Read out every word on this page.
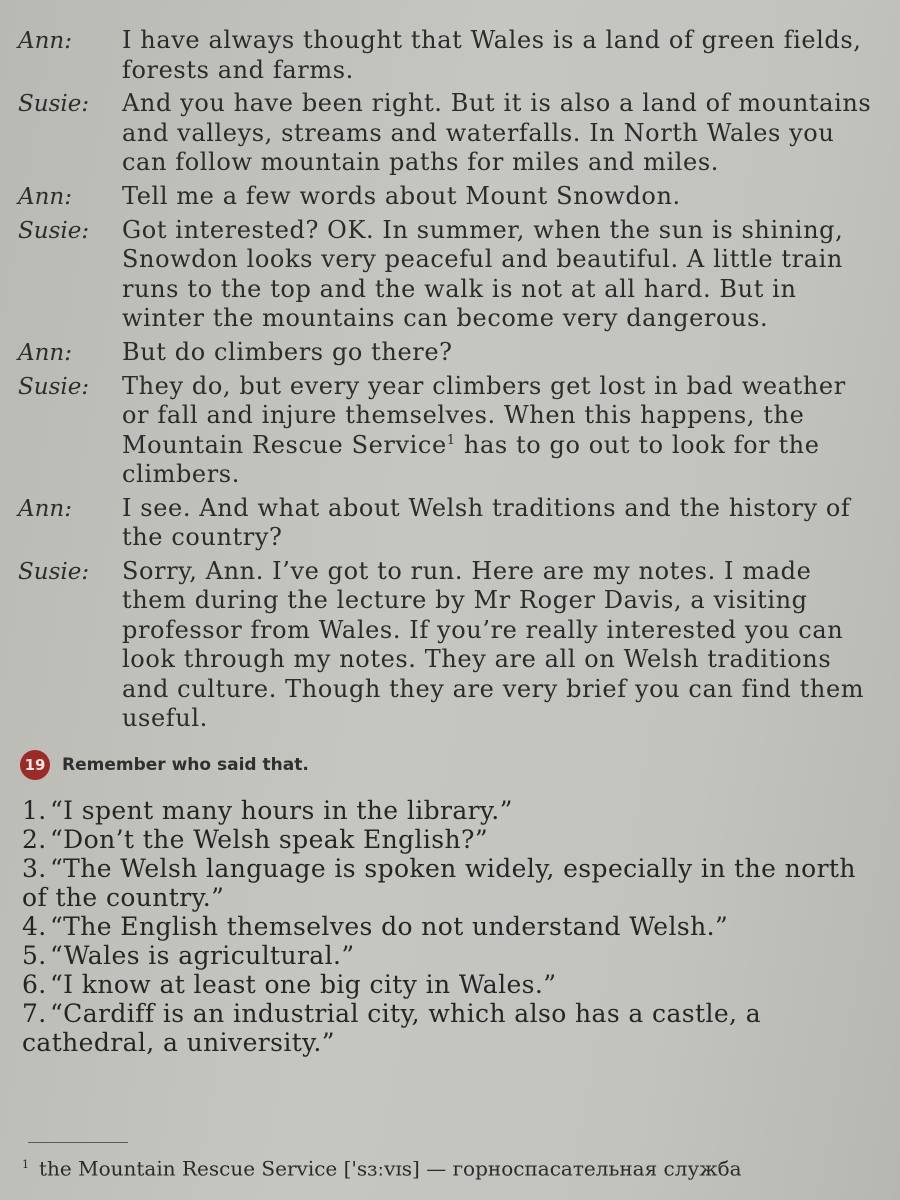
Ann:	I have always thought that Wales is a land of green fields, forests and farms.
Susie:	And you have been right. But it is also a land of mountains and valleys, streams and waterfalls. In North Wales you can follow mountain paths for miles and miles.
Ann:	Tell me a few words about Mount Snowdon.
Susie:	Got interested? OK. In summer, when the sun is shining, Snowdon looks very peaceful and beautiful. A little train runs to the top and the walk is not at all hard. But in winter the mountains can become very dangerous.
Ann:	But do climbers go there?
Susie:	They do, but every year climbers get lost in bad weather or fall and injure themselves. When this happens, the Mountain Rescue Service$^1$ has to go out to look for the climbers.
Ann:	I see. And what about Welsh traditions and the history of the country?
Susie:	Sorry, Ann. I’ve got to run. Here are my notes. I made them during the lecture by Mr Roger Davis, a visiting professor from Wales. If you’re really interested you can look through my notes. They are all on Welsh traditions and culture. Though they are very brief you can find them useful.
19 Remember who said that.
1. “I spent many hours in the library.”
2. “Don’t the Welsh speak English?”
3. “The Welsh language is spoken widely, especially in the north of the country.”
4. “The English themselves do not understand Welsh.”
5. “Wales is agricultural.”
6. “I know at least one big city in Wales.”
7. “Cardiff is an industrial city, which also has a castle, a cathedral, a university.”
$^1$ the Mountain Rescue Service ['sɜːvɪs] — горноспасательная служба
